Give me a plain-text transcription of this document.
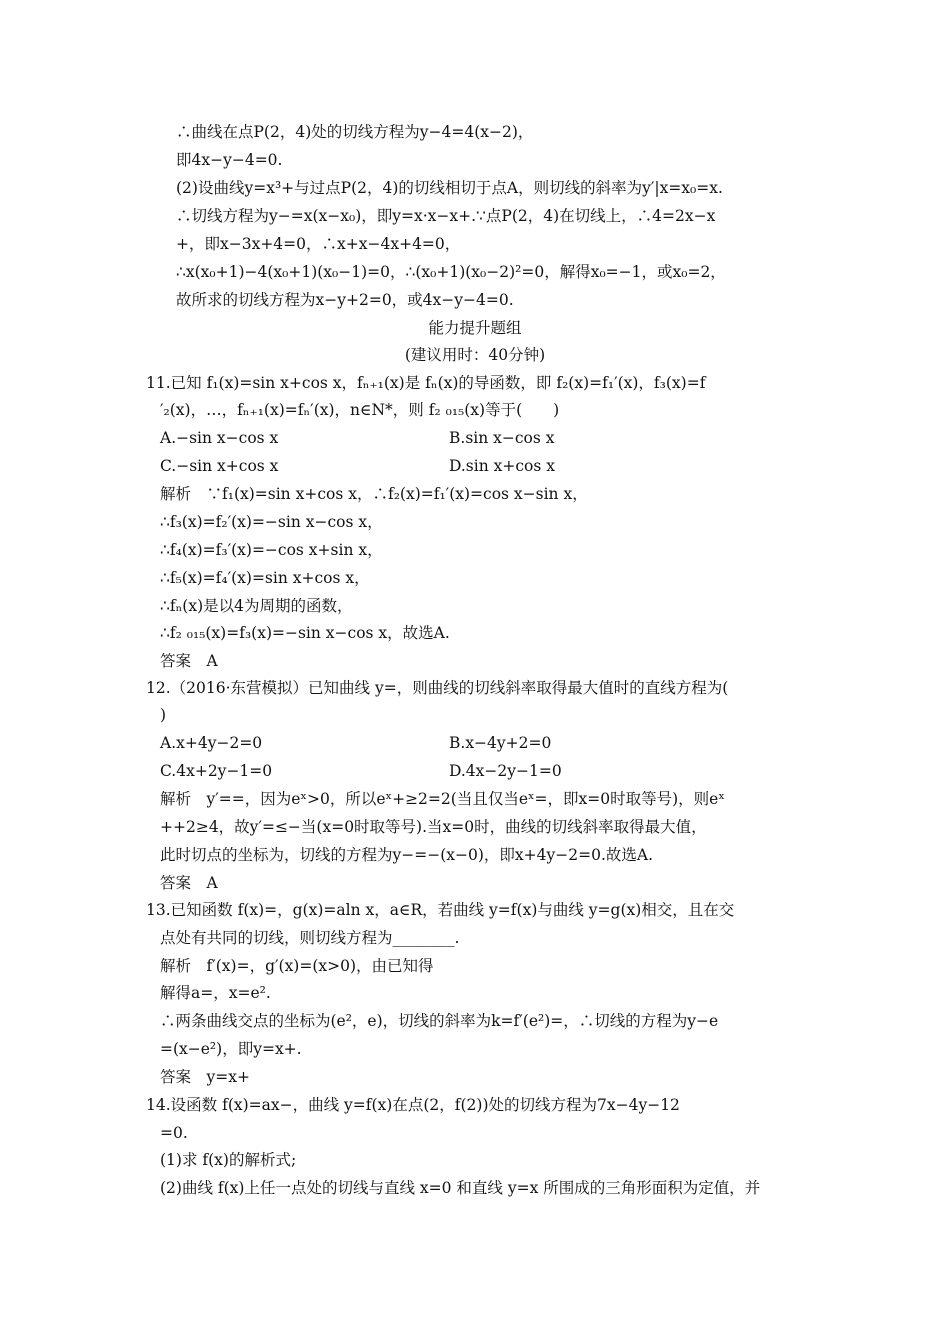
∴曲线在点P(2，4)处的切线方程为y−4=4(x−2)，
即4x−y−4=0.
(2)设曲线y=x³+与过点P(2，4)的切线相切于点A，则切线的斜率为y′|x=x₀=x.
∴切线方程为y−=x(x−x₀)，即y=x·x−x+.∵点P(2，4)在切线上，∴4=2x−x
+，即x−3x+4=0，∴x+x−4x+4=0，
∴x(x₀+1)−4(x₀+1)(x₀−1)=0，∴(x₀+1)(x₀−2)²=0，解得x₀=−1，或x₀=2，
故所求的切线方程为x−y+2=0，或4x−y−4=0.
能力提升题组
(建议用时：40分钟)
11.已知 f₁(x)=sin x+cos x，fₙ₊₁(x)是 fₙ(x)的导函数，即 f₂(x)=f₁′(x)，f₃(x)=f
′₂(x)，…，fₙ₊₁(x)=fₙ′(x)，n∈N*，则 f₂ ₀₁₅(x)等于(　　)
A.−sin x−cos x	B.sin x−cos x
C.−sin x+cos x	D.sin x+cos x
解析　∵f₁(x)=sin x+cos x，∴f₂(x)=f₁′(x)=cos x−sin x，
∴f₃(x)=f₂′(x)=−sin x−cos x，
∴f₄(x)=f₃′(x)=−cos x+sin x，
∴f₅(x)=f₄′(x)=sin x+cos x，
∴fₙ(x)是以4为周期的函数，
∴f₂ ₀₁₅(x)=f₃(x)=−sin x−cos x，故选A.
答案　A
12.（2016·东营模拟）已知曲线 y=，则曲线的切线斜率取得最大值时的直线方程为(
)
A.x+4y−2=0	B.x−4y+2=0
C.4x+2y−1=0	D.4x−2y−1=0
解析　y′==，因为eˣ>0，所以eˣ+≥2=2(当且仅当eˣ=，即x=0时取等号)，则eˣ
++2≥4，故y′=≤−当(x=0时取等号).当x=0时，曲线的切线斜率取得最大值，
此时切点的坐标为，切线的方程为y−=−(x−0)，即x+4y−2=0.故选A.
答案　A
13.已知函数 f(x)=，g(x)=aln x，a∈R，若曲线 y=f(x)与曲线 y=g(x)相交，且在交
点处有共同的切线，则切线方程为________.
解析　f′(x)=，g′(x)=(x>0)，由已知得
解得a=，x=e².
∴两条曲线交点的坐标为(e²，e)，切线的斜率为k=f′(e²)=，∴切线的方程为y−e
=(x−e²)，即y=x+.
答案　y=x+
14.设函数 f(x)=ax−，曲线 y=f(x)在点(2，f(2))处的切线方程为7x−4y−12
=0.
(1)求 f(x)的解析式;
(2)曲线 f(x)上任一点处的切线与直线 x=0 和直线 y=x 所围成的三角形面积为定值，并
